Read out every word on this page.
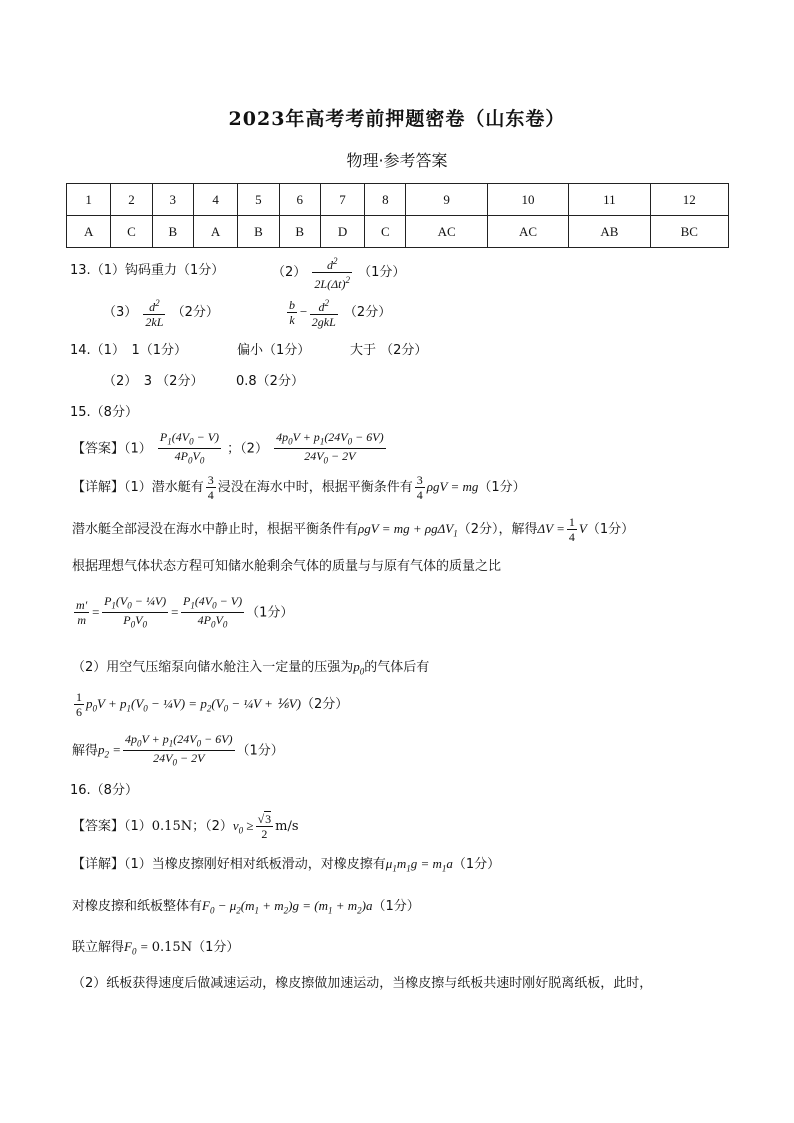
2023年高考考前押题密卷（山东卷）
物理·参考答案
1	2	3	4	5	6	7	8	9	10	11	12
A	C	B	A	B	B	D	C	AC	AC	AB	BC
13.（1）钩码重力（1分）	$(2) \frac{d^2}{2L(\Delta t)^2} (1$分）
$(3) \frac{d^2}{2kL} (2$分）	$\frac{b}{k} - \frac{d^2}{\text{2gkL}} (2$分）
14.（1）　1（1分）	偏小（1分）	大于 （2分）
（2）　3 （2分）	0.8（2分）
15.（8分）
【答案】$(1) \frac{P_1(4V_0 - V)}{4P_0V_0}$ ；$(2) \frac{4p_0V + p_1(24V_0 - 6V)}{24V_0 - 2V}$
【详解】（1）潜水艇有 $\frac{3}{4}$ 浸没在海水中时，根据平衡条件有 $\frac{3}{4}$ ρgV = mg（1分）
潜水艇全部浸没在海水中静止时，根据平衡条件有ρgV = mg + ρgΔV$_1$（2分），解得$\Delta V = \frac{1}{4} V(1$分）
根据理想气体状态方程可知储水舱剩余气体的质量与与原有气体的质量之比
$\frac{m'}{m} = \frac{P_1(V_0 - \frac{1}{4}V)}{P_0V_0} = \frac{P_1(4V_0 - V)}{4P_0V_0} (1$分）
（2）用空气压缩泵向储水舱注入一定量的压强为$p_0$的气体后有
$\frac{1}{6} p_0V + p_1(V_0$ − ¼V) = $p_2(V_0$ − ¼V + ⅙V)（2分）
解得$p_2 = \frac{4p_0V + p_1(24V_0 - 6V)}{24V_0 - 2V} (1$分）
16.（8分）
【答案】（1）0.15N；$(2)v_0 \ge \frac{√3}{2} m/s$
【详解】（1）当橡皮擦刚好相对纸板滑动，对橡皮擦有$\mu_1m_1g = m_1a(1$分）
对橡皮擦和纸板整体有$F_0 - \mu_2(m_1 + m_2)g = (m_1 + m_2)a(1$分）
联立解得$F_0 = 0.15N(1$分）
（2）纸板获得速度后做减速运动，橡皮擦做加速运动，当橡皮擦与纸板共速时刚好脱离纸板，此时，
